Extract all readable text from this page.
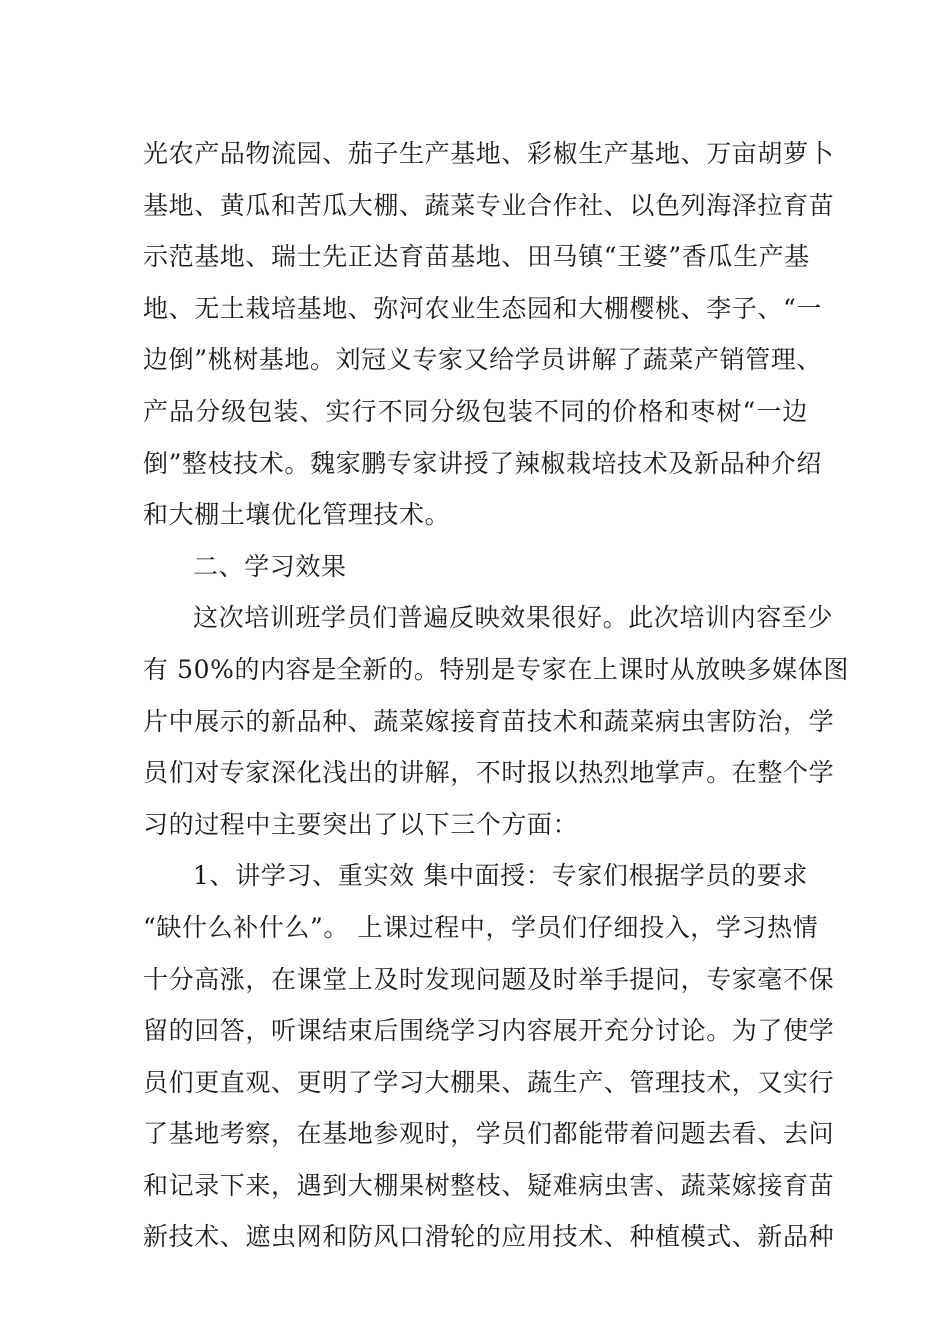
光农产品物流园、茄子生产基地、彩椒生产基地、万亩胡萝卜
基地、黄瓜和苦瓜大棚、蔬菜专业合作社、以色列海泽拉育苗
示范基地、瑞士先正达育苗基地、田马镇“王婆”香瓜生产基
地、无土栽培基地、弥河农业生态园和大棚樱桃、李子、“一
边倒”桃树基地。刘冠义专家又给学员讲解了蔬菜产销管理、
产品分级包装、实行不同分级包装不同的价格和枣树“一边
倒”整枝技术。魏家鹏专家讲授了辣椒栽培技术及新品种介绍
和大棚土壤优化管理技术。
二、学习效果
这次培训班学员们普遍反映效果很好。此次培训内容至少
有 50%的内容是全新的。特别是专家在上课时从放映多媒体图
片中展示的新品种、蔬菜嫁接育苗技术和蔬菜病虫害防治，学
员们对专家深化浅出的讲解，不时报以热烈地掌声。在整个学
习的过程中主要突出了以下三个方面：
1、讲学习、重实效 集中面授：专家们根据学员的要求
“缺什么补什么”。 上课过程中，学员们仔细投入，学习热情
十分高涨，在课堂上及时发现问题及时举手提问，专家毫不保
留的回答，听课结束后围绕学习内容展开充分讨论。为了使学
员们更直观、更明了学习大棚果、蔬生产、管理技术，又实行
了基地考察，在基地参观时，学员们都能带着问题去看、去问
和记录下来，遇到大棚果树整枝、疑难病虫害、蔬菜嫁接育苗
新技术、遮虫网和防风口滑轮的应用技术、种植模式、新品种
